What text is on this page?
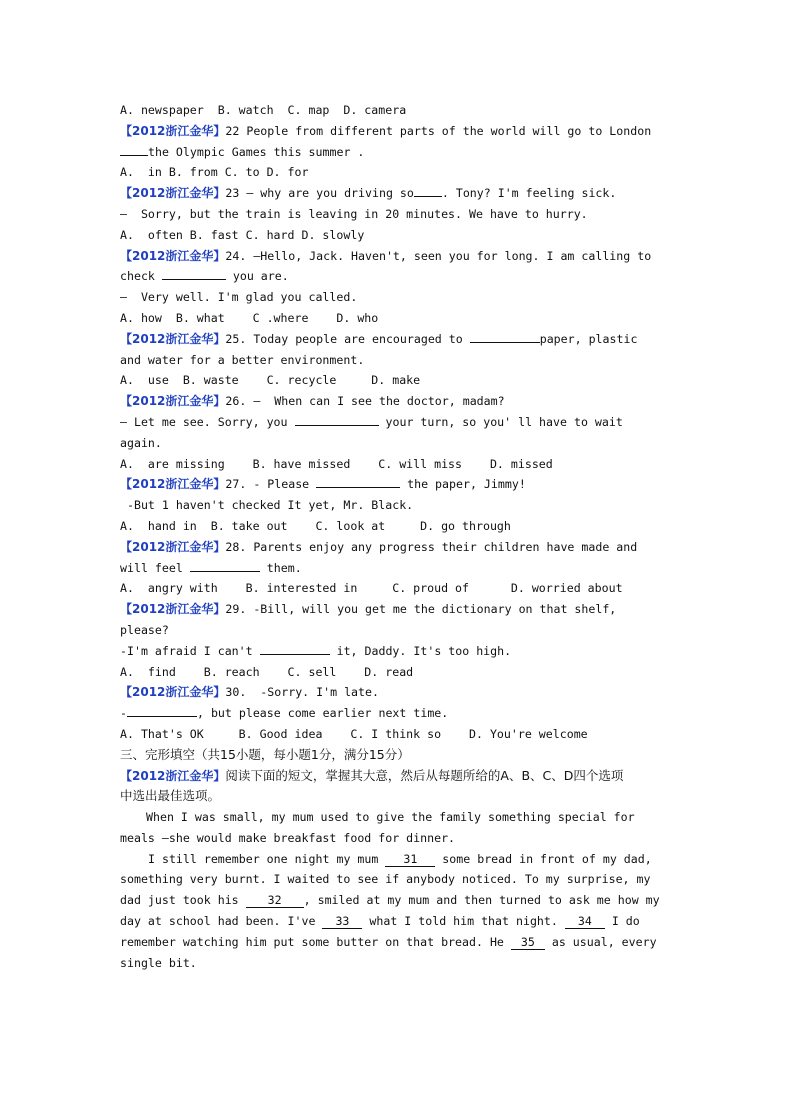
A. newspaper  B. watch  C. map  D. camera
【2012浙江金华】22 People from different parts of the world will go to London
the Olympic Games this summer .
A.  in B. from C. to D. for
【2012浙江金华】23 — why are you driving so . Tony? I'm feeling sick.
—  Sorry, but the train is leaving in 20 minutes. We have to hurry.
A.  often B. fast C. hard D. slowly
【2012浙江金华】24. —Hello, Jack. Haven't, seen you for long. I am calling to
check	you are.
—  Very well. I'm glad you called.
A. how  B. what    C .where    D. who
【2012浙江金华】25. Today people are encouraged to	paper, plastic
and water for a better environment.
A.  use  B. waste    C. recycle     D. make
【2012浙江金华】26. —  When can I see the doctor, madam?
— Let me see. Sorry, you	your turn, so you' ll have to wait
again.
A.  are missing    B. have missed    C. will miss    D. missed
【2012浙江金华】27. - Please	the paper, Jimmy!
-But 1 haven't checked It yet, Mr. Black.
A.  hand in  B. take out    C. look at     D. go through
【2012浙江金华】28. Parents enjoy any progress their children have made and
will feel	them.
A.  angry with    B. interested in     C. proud of      D. worried about
【2012浙江金华】29. -Bill, will you get me the dictionary on that shelf,
please?
-I'm afraid I can't	it, Daddy. It's too high.
A.  find    B. reach    C. sell    D. read
【2012浙江金华】30.  -Sorry. I'm late.
-	, but please come earlier next time.
A. That's OK     B. Good idea    C. I think so    D. You're welcome
三、完形填空（共15小题，每小题1分，满分15分）
【2012浙江金华】阅读下面的短文，掌握其大意，然后从每题所给的A、B、C、D四个选项
中选出最佳选项。
When I was small, my mum used to give the family something special for
meals —she would make breakfast food for dinner.
I still remember one night my mum 31 some bread in front of my dad,
something very burnt. I waited to see if anybody noticed. To my surprise, my
dad just took his 32 , smiled at my mum and then turned to ask me how my
day at school had been. I've 33 what I told him that night. 34 I do
remember watching him put some butter on that bread. He 35 as usual, every
single bit.
